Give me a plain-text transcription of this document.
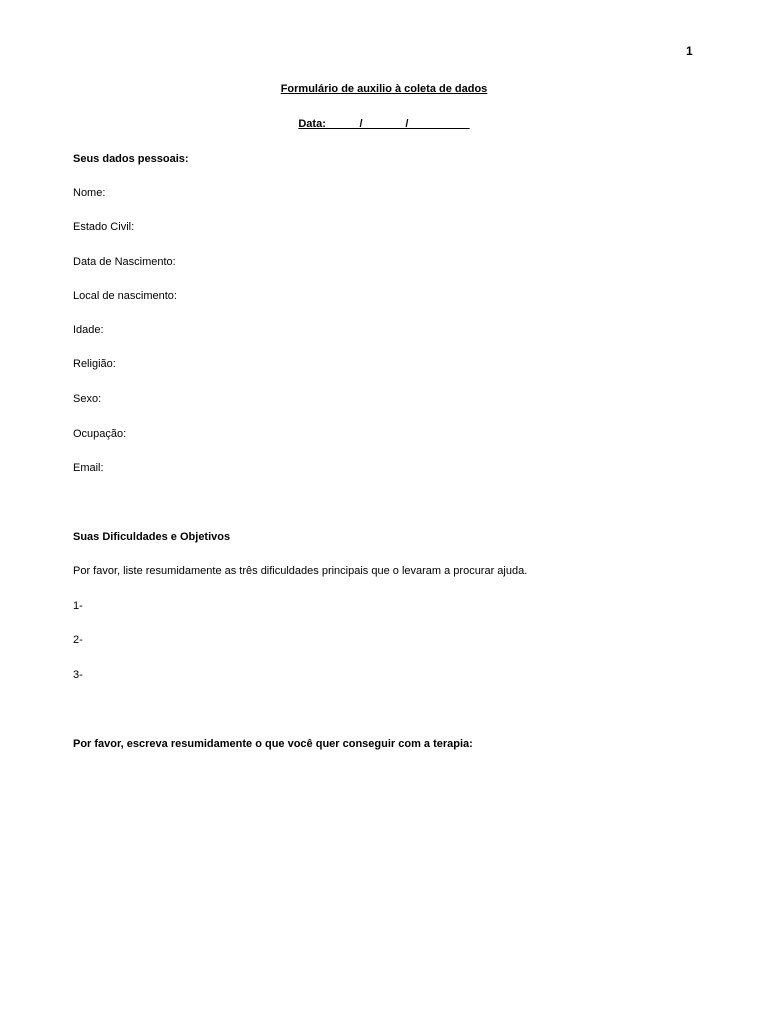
1
Formulário de auxilio à coleta de dados
Data: _____/_______/__________
Seus dados pessoais:
Nome:
Estado Civil:
Data de Nascimento:
Local de nascimento:
Idade:
Religião:
Sexo:
Ocupação:
Email:
Suas Dificuldades e Objetivos
Por favor, liste resumidamente as três dificuldades principais que o levaram a procurar ajuda.
1-
2-
3-
Por favor, escreva resumidamente o que você quer conseguir com a terapia:
